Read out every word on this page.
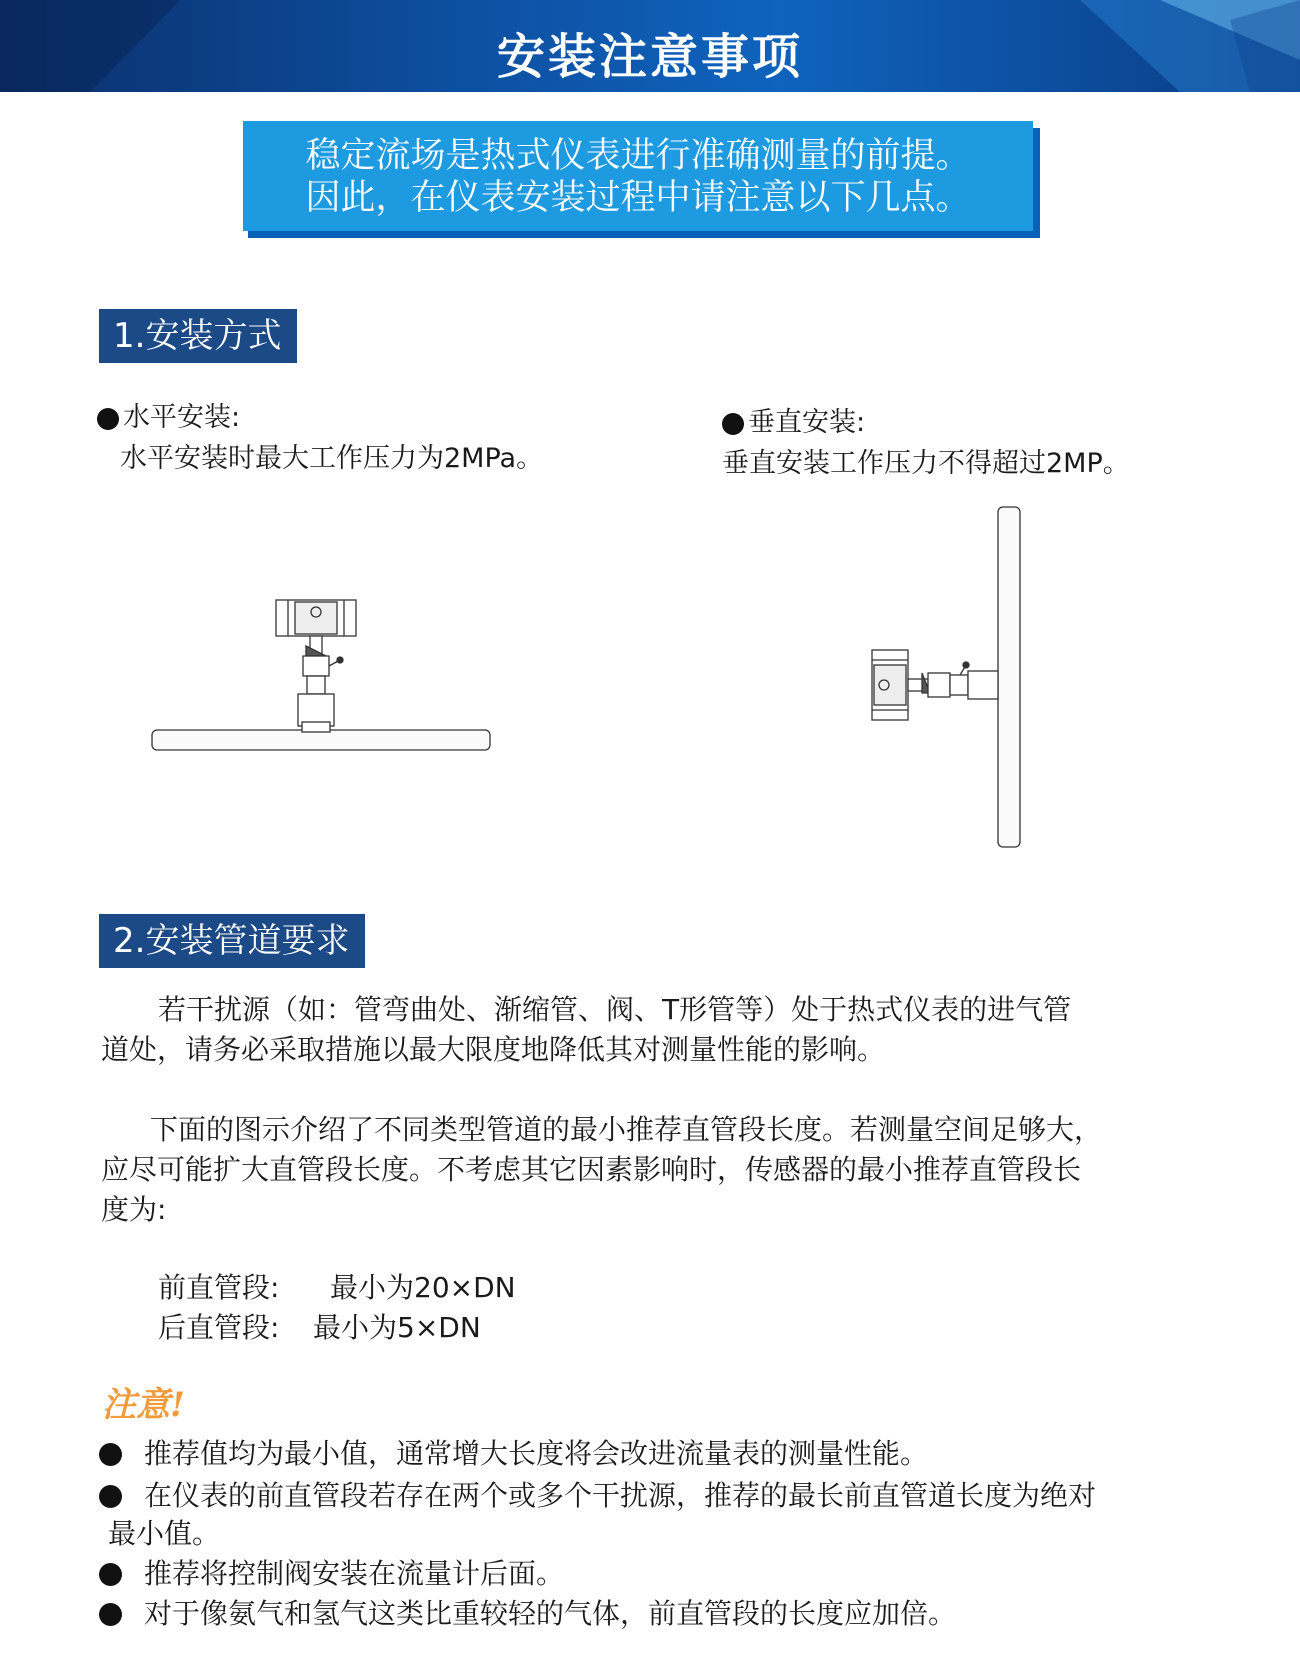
安装注意事项
稳定流场是热式仪表进行准确测量的前提。
因此，在仪表安装过程中请注意以下几点。
1.安装方式
水平安装:
水平安装时最大工作压力为2MPa。
垂直安装:
垂直安装工作压力不得超过2MP。
2.安装管道要求
若干扰源（如：管弯曲处、渐缩管、阀、T形管等）处于热式仪表的进气管
道处，请务必采取措施以最大限度地降低其对测量性能的影响。
下面的图示介绍了不同类型管道的最小推荐直管段长度。若测量空间足够大，
应尽可能扩大直管段长度。不考虑其它因素影响时，传感器的最小推荐直管段长
度为:
前直管段: 最小为20×DN
后直管段: 最小为5×DN
注意!
推荐值均为最小值，通常增大长度将会改进流量表的测量性能。
在仪表的前直管段若存在两个或多个干扰源，推荐的最长前直管道长度为绝对
最小值。
推荐将控制阀安装在流量计后面。
对于像氨气和氢气这类比重较轻的气体，前直管段的长度应加倍。
